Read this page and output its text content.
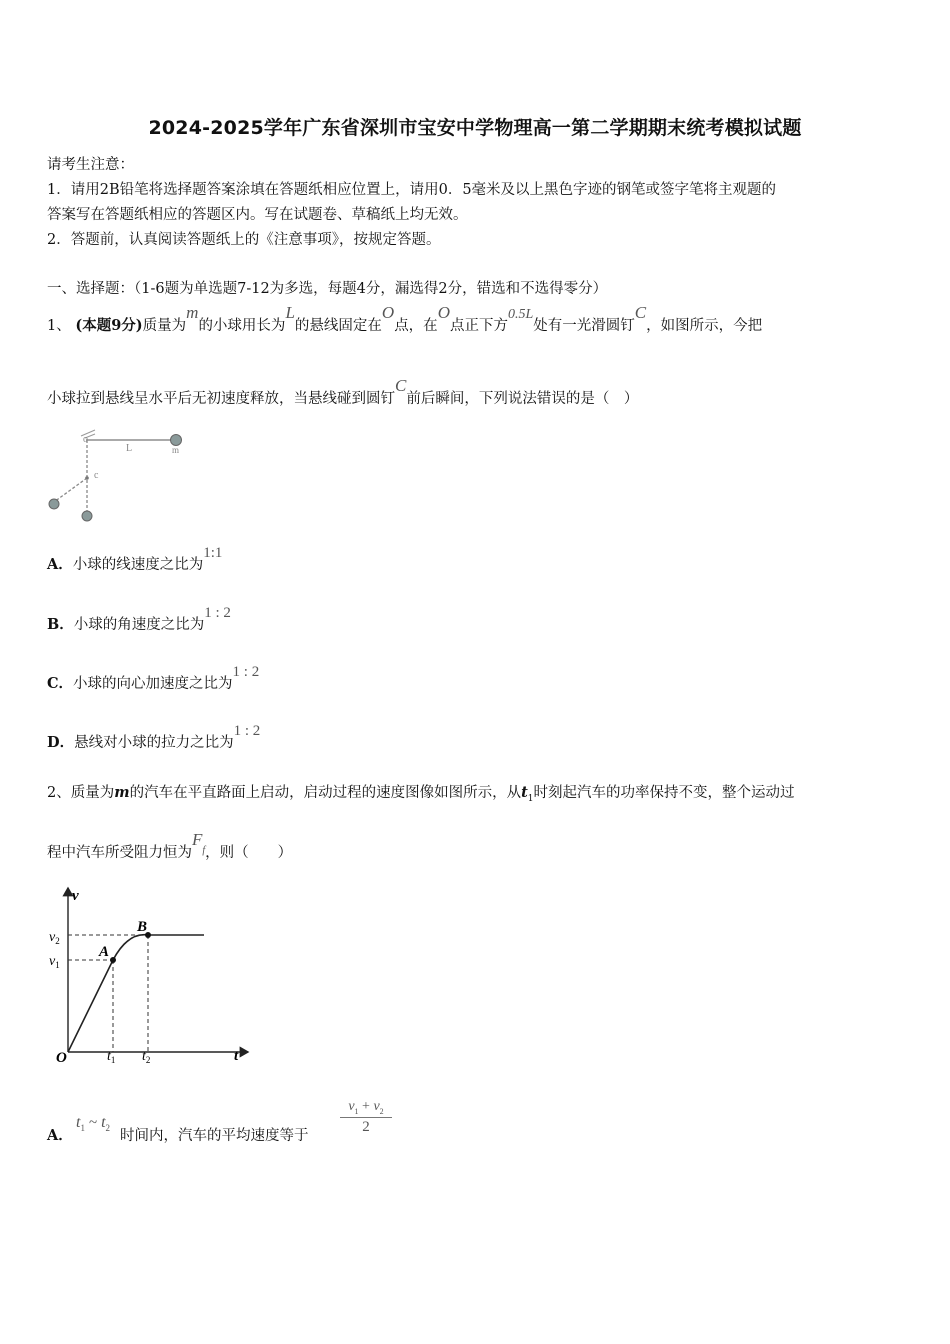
2024-2025学年广东省深圳市宝安中学物理高一第二学期期末统考模拟试题
请考生注意：
1．请用2B铅笔将选择题答案涂填在答题纸相应位置上，请用0．5毫米及以上黑色字迹的钢笔或签字笔将主观题的
答案写在答题纸相应的答题区内。写在试题卷、草稿纸上均无效。
2．答题前，认真阅读答题纸上的《注意事项》，按规定答题。
一、选择题：（1-6题为单选题7-12为多选，每题4分，漏选得2分，错选和不选得零分）
1、 (本题9分)质量为m的小球用长为L的悬线固定在O点，在O点正下方0.5L处有一光滑圆钉C，如图所示，今把
小球拉到悬线呈水平后无初速度释放，当悬线碰到圆钉C前后瞬间，下列说法错误的是（　）
o
L	m
c
A．小球的线速度之比为1:1
B．小球的角速度之比为1 : 2
C．小球的向心加速度之比为1 : 2
D．悬线对小球的拉力之比为1 : 2
2、质量为m的汽车在平直路面上启动，启动过程的速度图像如图所示，从$t_1$时刻起汽车的功率保持不变，整个运动过
程中汽车所受阻力恒为$F_f$，则（　　）
v
t
O
$v_2$
$v_1$
A
B
$t_1$ $t_2$
A．
$t_1$ ~ $t_2$ 时间内，汽车的平均速度等于
$\frac{v_1 + v_2}{2}$
